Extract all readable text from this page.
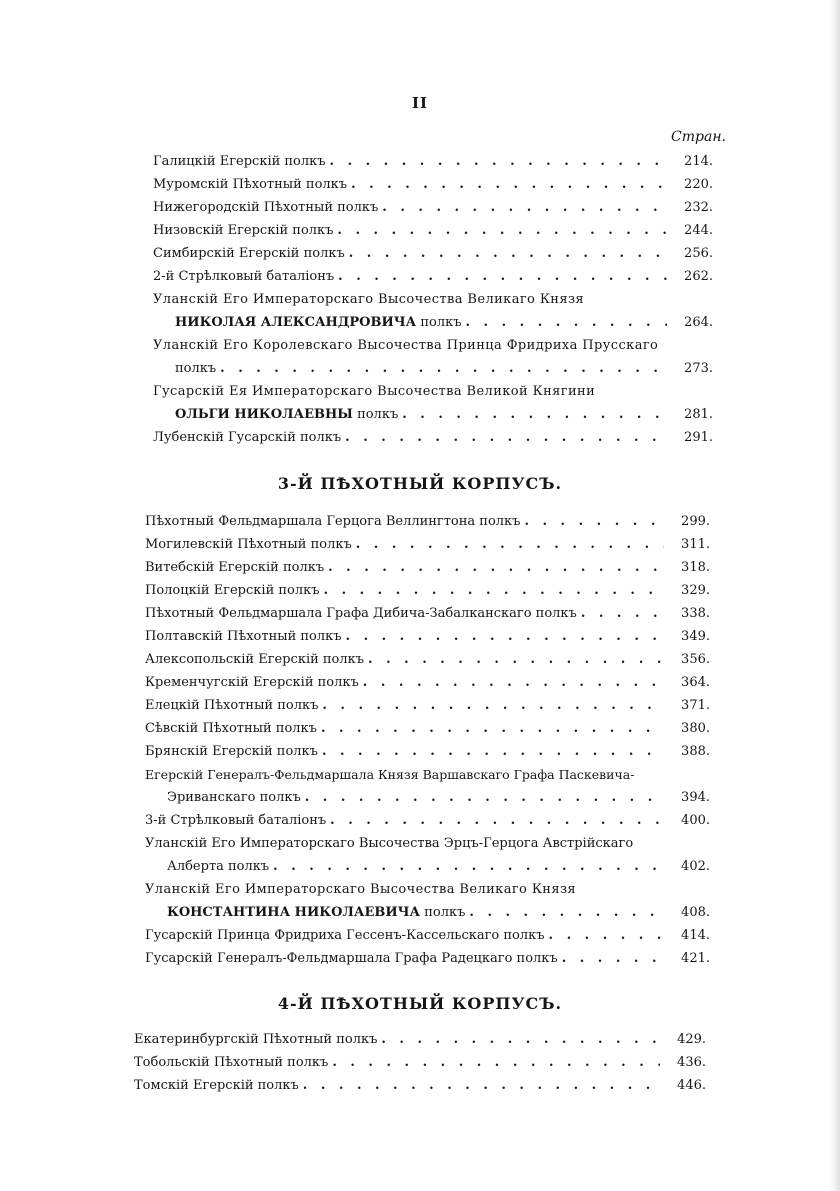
II
Стран.
Галицкій Егерскій полкъ . . .	214.
Муромскій Пѣхотный полкъ . . .	220.
Нижегородскій Пѣхотный полкъ . . .	232.
Низовскій Егерскій полкъ . . .	244.
Симбирскій Егерскій полкъ . . .	256.
2-й Стрѣлковый баталіонъ . . .	262.
Уланскій Его Императорскаго Высочества Великаго Князя
НИКОЛАЯ АЛЕКСАНДРОВИЧА полкъ . . .	264.
Уланскій Его Королевскаго Высочества Принца Фридриха Прусскаго
полкъ . . .	273.
Гусарскій Ея Императорскаго Высочества Великой Княгини
ОЛЬГИ НИКОЛАЕВНЫ полкъ . . .	281.
Лубенскій Гусарскій полкъ . . .	291.
3-Й ПѢХОТНЫЙ КОРПУСЪ.
Пѣхотный Фельдмаршала Герцога Веллингтона полкъ . . .	299.
Могилевскій Пѣхотный полкъ . . .	311.
Витебскій Егерскій полкъ . . .	318.
Полоцкій Егерскій полкъ . . .	329.
Пѣхотный Фельдмаршала Графа Дибича-Забалканскаго полкъ . . .	338.
Полтавскій Пѣхотный полкъ . . .	349.
Алексопольскій Егерскій полкъ . . .	356.
Кременчугскій Егерскій полкъ . . .	364.
Елецкій Пѣхотный полкъ . . .	371.
Сѣвскій Пѣхотный полкъ . . .	380.
Брянскій Егерскій полкъ . . .	388.
Егерскій Генералъ-Фельдмаршала Князя Варшавскаго Графа Паскевича-
Эриванскаго полкъ . . .	394.
3-й Стрѣлковый баталіонъ . . .	400.
Уланскій Его Императорскаго Высочества Эрцъ-Герцога Австрійскаго
Алберта полкъ . . .	402.
Уланскій Его Императорскаго Высочества Великаго Князя
КОНСТАНТИНА НИКОЛАЕВИЧА полкъ . . .	408.
Гусарскій Принца Фридриха Гессенъ-Кассельскаго полкъ . . .	414.
Гусарскій Генералъ-Фельдмаршала Графа Радецкаго полкъ . . .	421.
4-Й ПѢХОТНЫЙ КОРПУСЪ.
Екатеринбургскій Пѣхотный полкъ . . .	429.
Тобольскій Пѣхотный полкъ . . .	436.
Томскій Егерскій полкъ . . .	446.
